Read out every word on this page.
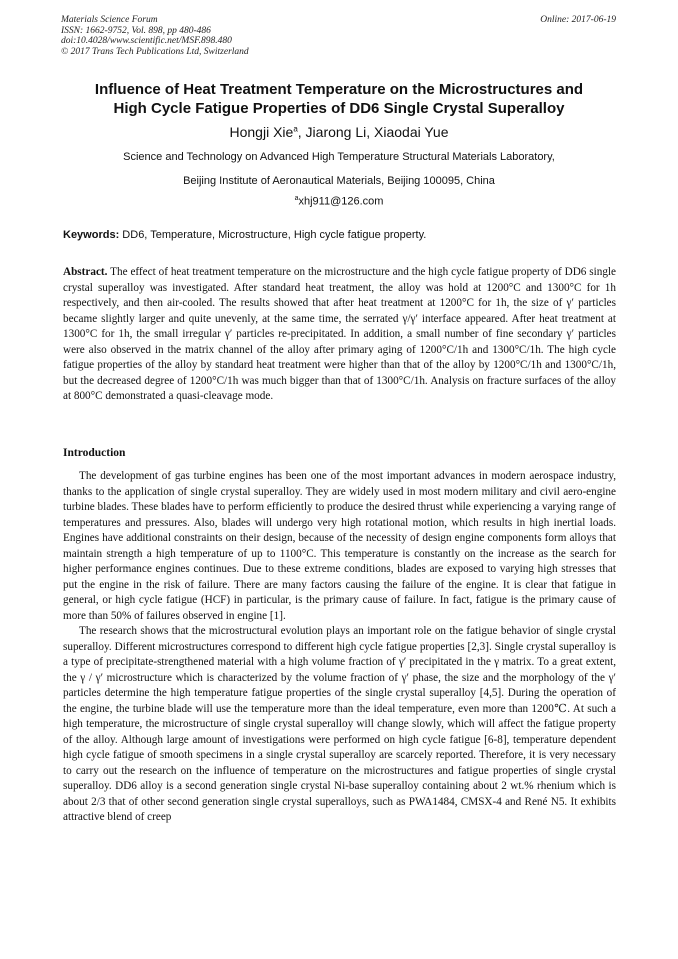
Materials Science Forum
ISSN: 1662-9752, Vol. 898, pp 480-486
doi:10.4028/www.scientific.net/MSF.898.480
© 2017 Trans Tech Publications Ltd, Switzerland
Online: 2017-06-19
Influence of Heat Treatment Temperature on the Microstructures and
High Cycle Fatigue Properties of DD6 Single Crystal Superalloy
Hongji Xie$^a$, Jiarong Li, Xiaodai Yue
Science and Technology on Advanced High Temperature Structural Materials Laboratory,
Beijing Institute of Aeronautical Materials, Beijing 100095, China
$^a$xhj911@126.com
Keywords: DD6, Temperature, Microstructure, High cycle fatigue property.

Abstract. The effect of heat treatment temperature on the microstructure and the high cycle fatigue property of DD6 single crystal superalloy was investigated. After standard heat treatment, the alloy was hold at 1200°C and 1300°C for 1h respectively, and then air-cooled. The results showed that after heat treatment at 1200°C for 1h, the size of γ′ particles became slightly larger and quite unevenly, at the same time, the serrated γ/γ′ interface appeared. After heat treatment at 1300°C for 1h, the small irregular γ′ particles re-precipitated. In addition, a small number of fine secondary γ′ particles were also observed in the matrix channel of the alloy after primary aging of 1200°C/1h and 1300°C/1h. The high cycle fatigue properties of the alloy by standard heat treatment were higher than that of the alloy by 1200°C/1h and 1300°C/1h, but the decreased degree of 1200°C/1h was much bigger than that of 1300°C/1h. Analysis on fracture surfaces of the alloy at 800°C demonstrated a quasi-cleavage mode.

Introduction

The development of gas turbine engines has been one of the most important advances in modern aerospace industry, thanks to the application of single crystal superalloy. They are widely used in most modern military and civil aero-engine turbine blades. These blades have to perform efficiently to produce the desired thrust while experiencing a varying range of temperatures and pressures. Also, blades will undergo very high rotational motion, which results in high inertial loads. Engines have additional constraints on their design, because of the necessity of design engine components form alloys that maintain strength a high temperature of up to 1100°C. This temperature is constantly on the increase as the search for higher performance engines continues. Due to these extreme conditions, blades are exposed to varying high stresses that put the engine in the risk of failure. There are many factors causing the failure of the engine. It is clear that fatigue in general, or high cycle fatigue (HCF) in particular, is the primary cause of failure. In fact, fatigue is the primary cause of more than 50% of failures observed in engine [1].

The research shows that the microstructural evolution plays an important role on the fatigue behavior of single crystal superalloy. Different microstructures correspond to different high cycle fatigue properties [2,3]. Single crystal superalloy is a type of precipitate-strengthened material with a high volume fraction of γ′ precipitated in the γ matrix. To a great extent, the γ / γ′ microstructure which is characterized by the volume fraction of γ′ phase, the size and the morphology of the γ′ particles determine the high temperature fatigue properties of the single crystal superalloy [4,5]. During the operation of the engine, the turbine blade will use the temperature more than the ideal temperature, even more than 1200℃. At such a high temperature, the microstructure of single crystal superalloy will change slowly, which will affect the fatigue property of the alloy. Although large amount of investigations were performed on high cycle fatigue [6-8], temperature dependent high cycle fatigue of smooth specimens in a single crystal superalloy are scarcely reported. Therefore, it is very necessary to carry out the research on the influence of temperature on the microstructures and fatigue properties of single crystal superalloy. DD6 alloy is a second generation single crystal Ni-base superalloy containing about 2 wt.% rhenium which is about 2/3 that of other second generation single crystal superalloys, such as PWA1484, CMSX-4 and René N5. It exhibits attractive blend of creep
